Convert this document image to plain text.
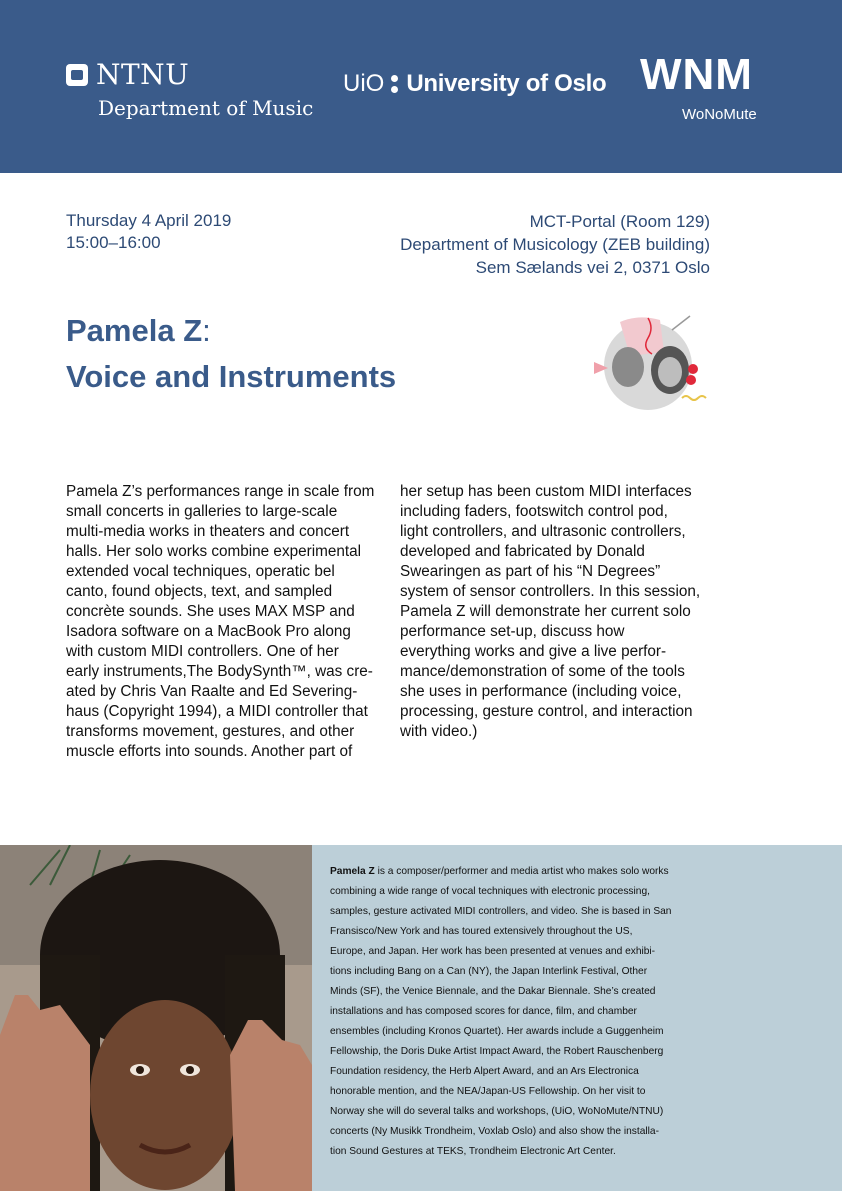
NTNU
Department of Music
UiO University of Oslo WNM
WoNoMute
Thursday 4 April 2019
15:00–16:00
MCT-Portal (Room 129)
Department of Musicology (ZEB building)
Sem Sælands vei 2, 0371 Oslo
Pamela Z:
Voice and Instruments
Pamela Z’s performances range in scale from
small concerts in galleries to large-scale
multi-media works in theaters and concert
halls. Her solo works combine experimental
extended vocal techniques, operatic bel
canto, found objects, text, and sampled
concrète sounds. She uses MAX MSP and
Isadora software on a MacBook Pro along
with custom MIDI controllers. One of her
early instruments,The BodySynth™, was cre-
ated by Chris Van Raalte and Ed Severing-
haus (Copyright 1994), a MIDI controller that
transforms movement, gestures, and other
muscle efforts into sounds. Another part of
her setup has been custom MIDI interfaces
including faders, footswitch control pod,
light controllers, and ultrasonic controllers,
developed and fabricated by Donald
Swearingen as part of his “N Degrees”
system of sensor controllers. In this session,
Pamela Z will demonstrate her current solo
performance set-up, discuss how
everything works and give a live perfor-
mance/demonstration of some of the tools
she uses in performance (including voice,
processing, gesture control, and interaction
with video.)
Pamela Z is a composer/performer and media artist who makes solo works
combining a wide range of vocal techniques with electronic processing,
samples, gesture activated MIDI controllers, and video. She is based in San
Fransisco/New York and has toured extensively throughout the US,
Europe, and Japan. Her work has been presented at venues and exhibi-
tions including Bang on a Can (NY), the Japan Interlink Festival, Other
Minds (SF), the Venice Biennale, and the Dakar Biennale. She’s created
installations and has composed scores for dance, film, and chamber
ensembles (including Kronos Quartet). Her awards include a Guggenheim
Fellowship, the Doris Duke Artist Impact Award, the Robert Rauschenberg
Foundation residency, the Herb Alpert Award, and an Ars Electronica
honorable mention, and the NEA/Japan-US Fellowship. On her visit to
Norway she will do several talks and workshops, (UiO, WoNoMute/NTNU)
concerts (Ny Musikk Trondheim, Voxlab Oslo) and also show the installa-
tion Sound Gestures at TEKS, Trondheim Electronic Art Center.
